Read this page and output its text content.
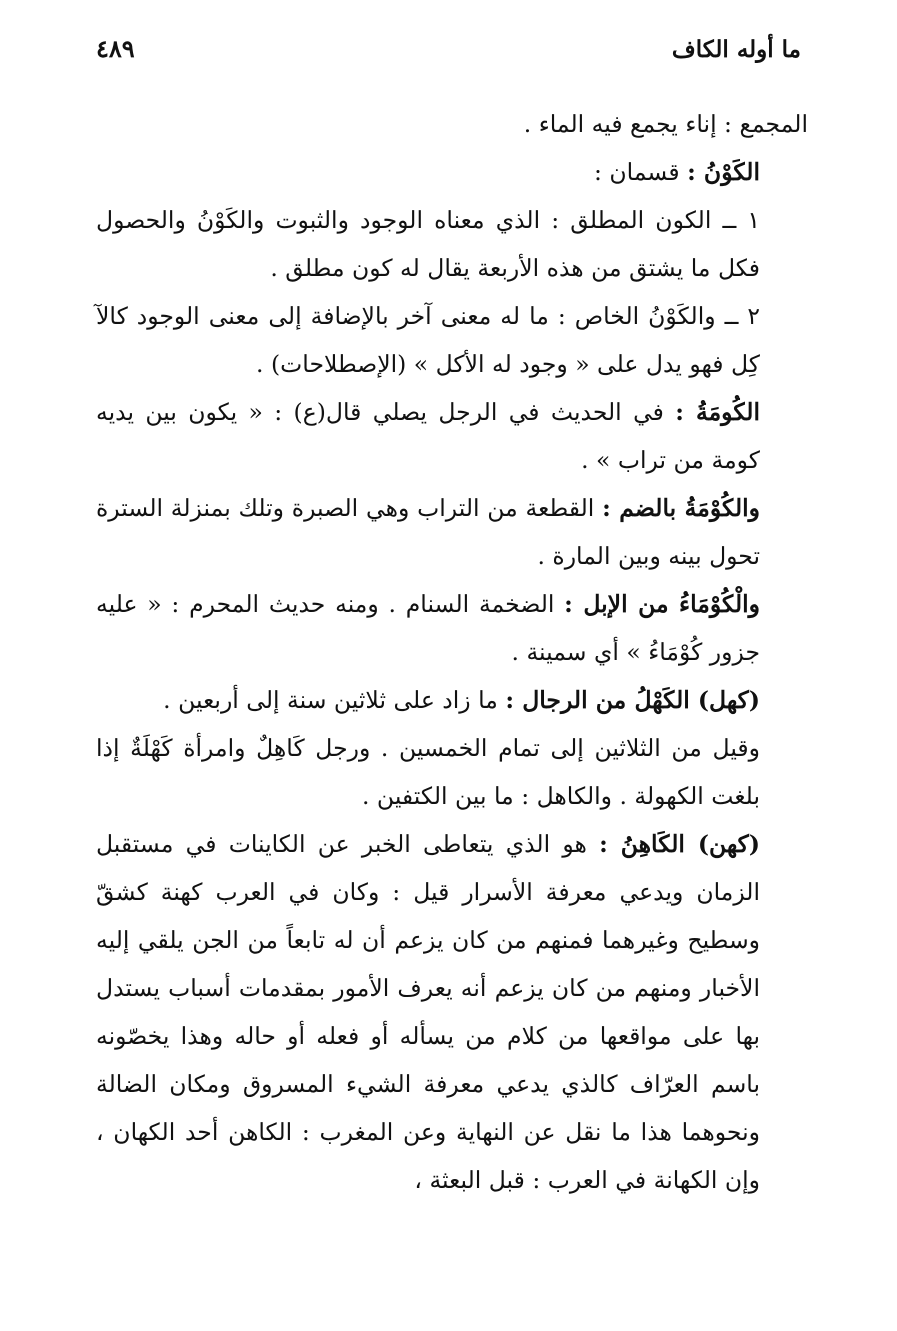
ما أوله الكاف
٤٨٩

المجمع : إناء يجمع فيه الماء .

الكَوْنُ : قسمان :

١ ــ الكون المطلق : الذي معناه الوجود والثبوت والكَوْنُ والحصول فكل ما يشتق من هذه الأربعة يقال له كون مطلق .

٢ ــ والكَوْنُ الخاص : ما له معنى آخر بالإضافة إلى معنى الوجود كالآ كِل فهو يدل على « وجود له الأكل » (الإصطلاحات) .

الكُومَةُ : في الحديث في الرجل يصلي قال(ع) : « يكون بين يديه كومة من تراب » .

والكُوْمَةُ بالضم : القطعة من التراب وهي الصبرة وتلك بمنزلة السترة تحول بينه وبين المارة .

والْكُوْمَاءُ من الإبل : الضخمة السنام . ومنه حديث المحرم : « عليه جزور كُوْمَاءُ » أي سمينة .

(كهل) الكَهْلُ من الرجال : ما زاد على ثلاثين سنة إلى أربعين .

وقيل من الثلاثين إلى تمام الخمسين . ورجل كَاهِلٌ وامرأة كَهْلَةٌ إذا بلغت الكهولة . والكاهل : ما بين الكتفين .

(كهن) الكَاهِنُ : هو الذي يتعاطى الخبر عن الكاينات في مستقبل الزمان ويدعي معرفة الأسرار قيل : وكان في العرب كهنة كشقّ وسطيح وغيرهما فمنهم من كان يزعم أن له تابعاً من الجن يلقي إليه الأخبار ومنهم من كان يزعم أنه يعرف الأمور بمقدمات أسباب يستدل بها على مواقعها من كلام من يسأله أو فعله أو حاله وهذا يخصّونه باسم العرّاف كالذي يدعي معرفة الشيء المسروق ومكان الضالة ونحوهما هذا ما نقل عن النهاية وعن المغرب : الكاهن أحد الكهان ، وإن الكهانة في العرب : قبل البعثة ،
